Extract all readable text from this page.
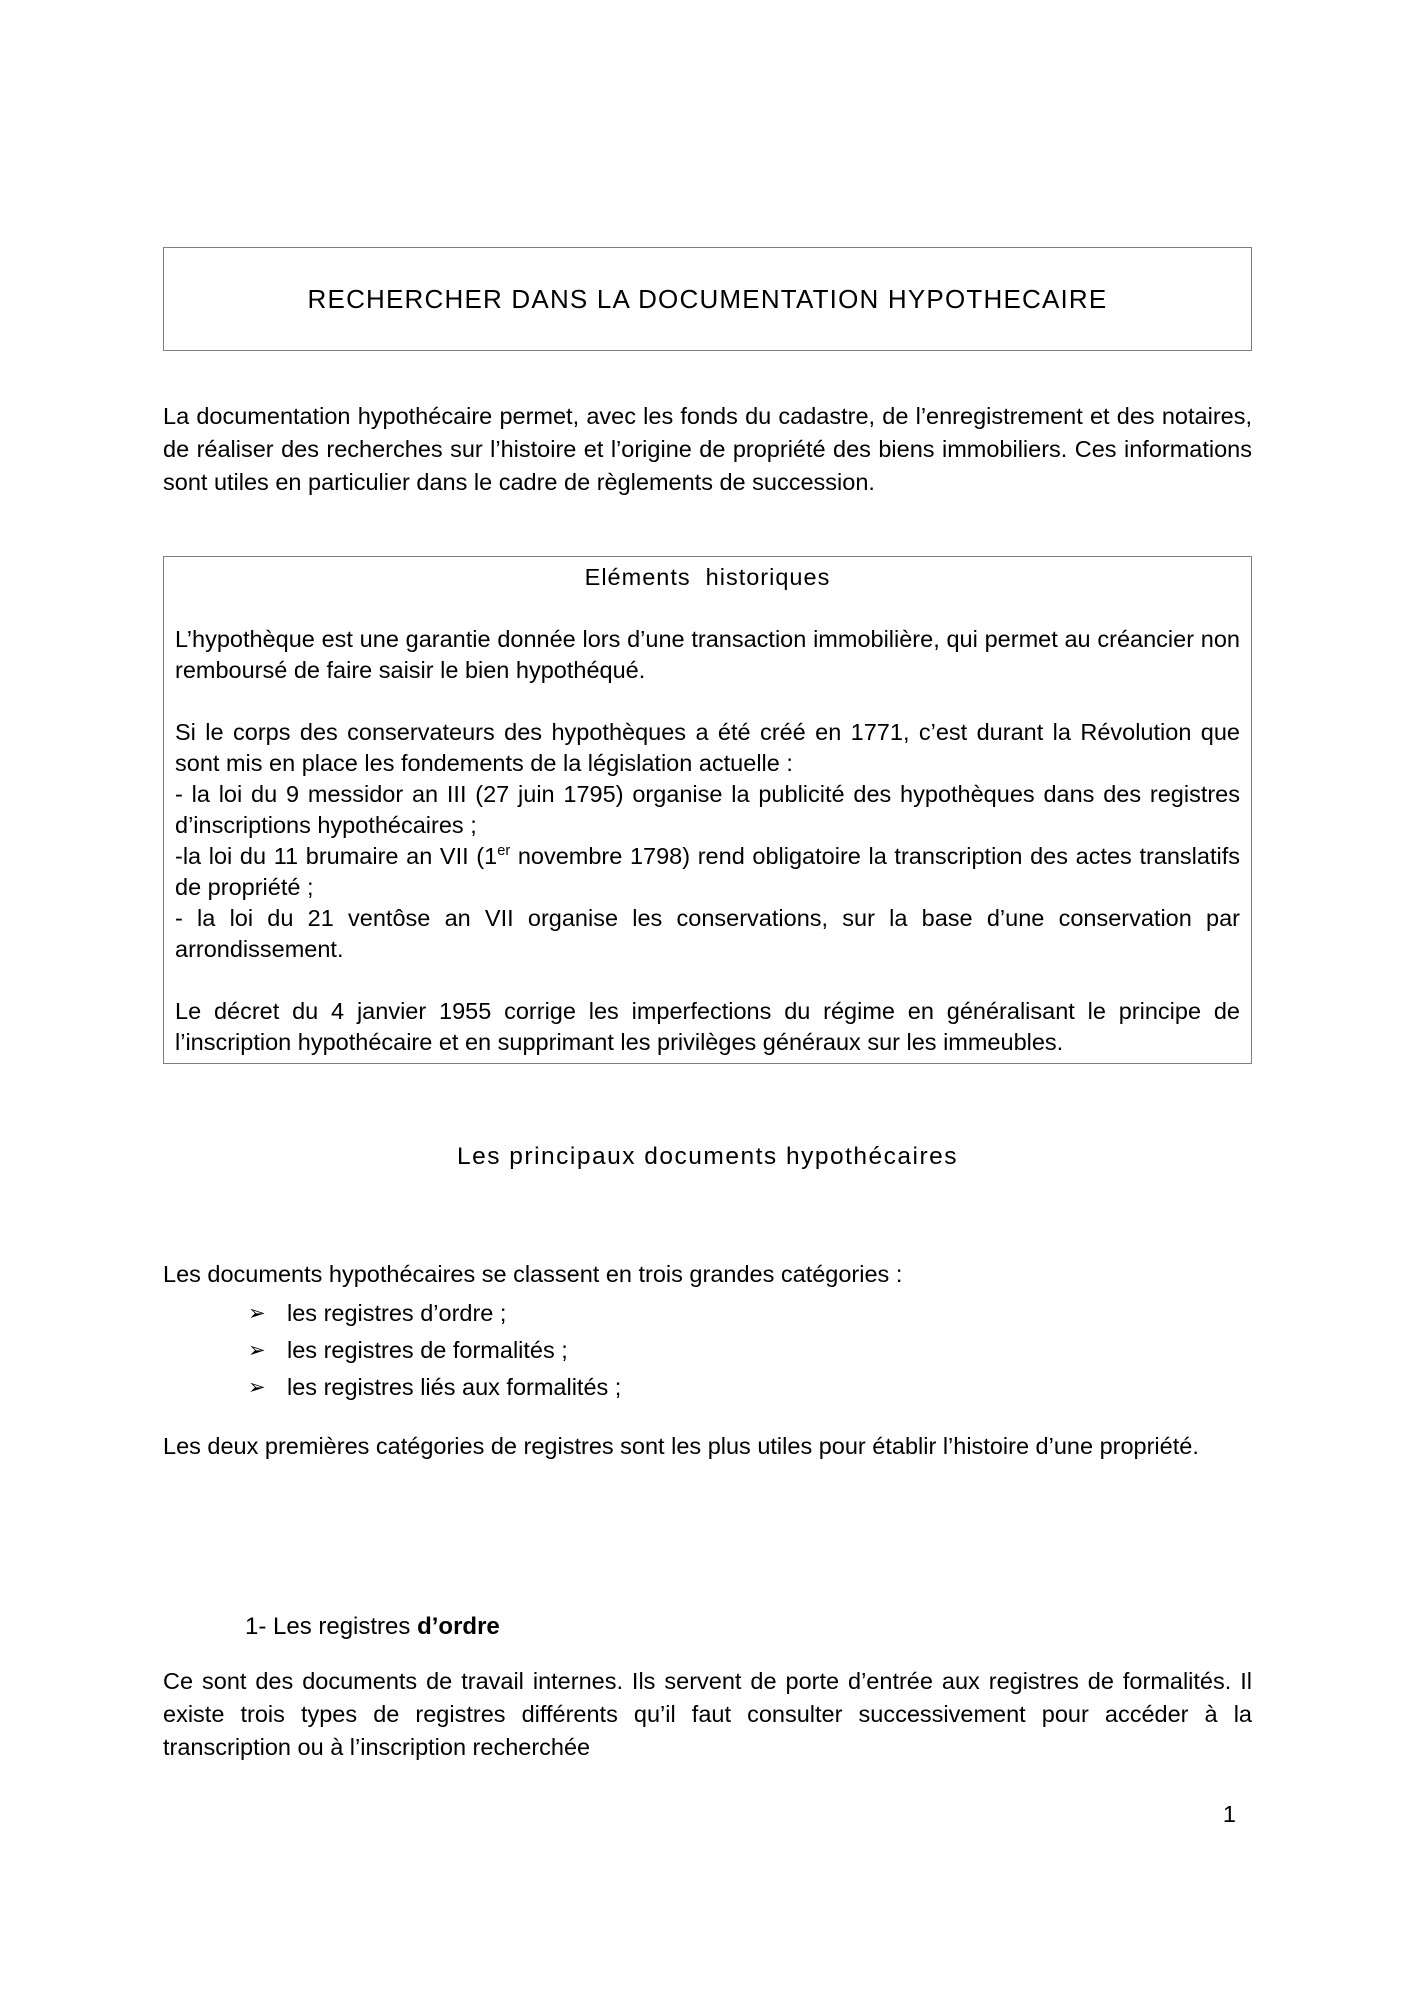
RECHERCHER DANS LA DOCUMENTATION HYPOTHECAIRE
La documentation hypothécaire permet, avec les fonds du cadastre, de l’enregistrement et des notaires, de réaliser des recherches sur l’histoire et l’origine de propriété des biens immobiliers. Ces informations sont utiles en particulier dans le cadre de règlements de succession.
Eléments  historiques

L’hypothèque est une garantie donnée lors d’une transaction immobilière, qui permet au créancier non remboursé de faire saisir le bien hypothéqué.

Si le corps des conservateurs des hypothèques a été créé en 1771, c’est durant la Révolution que sont mis en place les fondements de la législation actuelle :
- la loi du 9 messidor an III (27 juin 1795) organise la publicité des hypothèques dans des registres d’inscriptions hypothécaires ;
-la loi du 11 brumaire an VII (1er novembre 1798) rend obligatoire la transcription des actes translatifs de propriété ;
- la loi du 21 ventôse an VII organise les conservations, sur la base d’une conservation par arrondissement.

Le décret du 4 janvier 1955 corrige les imperfections du régime en généralisant le principe de l’inscription hypothécaire et en supprimant les privilèges généraux sur les immeubles.

Les principaux documents hypothécaires
Les documents hypothécaires se classent en trois grandes catégories :
➢ les registres d’ordre ;
➢ les registres de formalités ;
➢ les registres liés aux formalités ;
Les deux premières catégories de registres sont les plus utiles pour établir l’histoire d’une propriété.
1- Les registres d’ordre
Ce sont des documents de travail internes. Ils servent de porte d’entrée aux registres de formalités. Il existe trois types de registres différents qu’il faut consulter successivement pour accéder à la transcription ou à l’inscription recherchée
1
